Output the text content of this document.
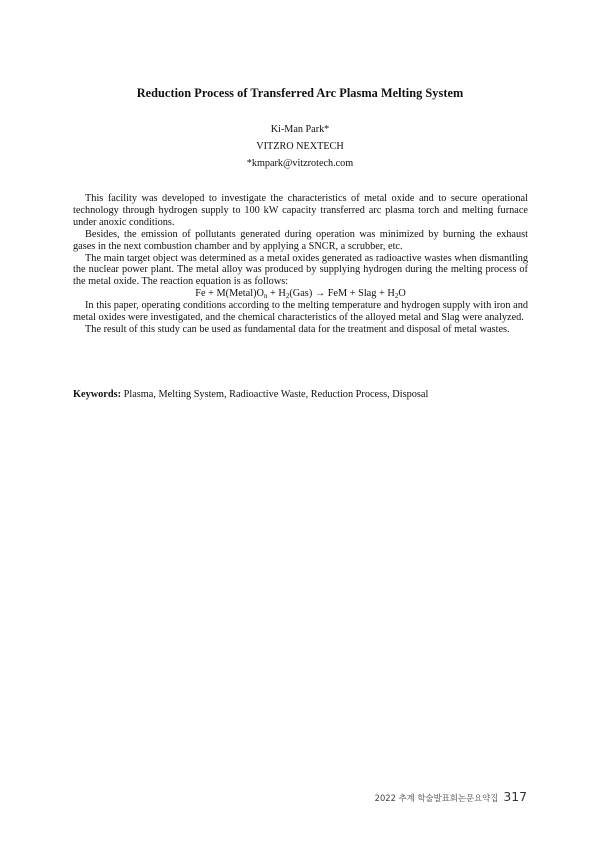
Reduction Process of Transferred Arc Plasma Melting System
Ki-Man Park*
VITZRO NEXTECH
*kmpark@vitzrotech.com

This facility was developed to investigate the characteristics of metal oxide and to secure operational technology through hydrogen supply to 100 kW capacity transferred arc plasma torch and melting furnace under anoxic conditions.

Besides, the emission of pollutants generated during operation was minimized by burning the exhaust gases in the next combustion chamber and by applying a SNCR, a scrubber, etc.

The main target object was determined as a metal oxides generated as radioactive wastes when dismantling the nuclear power plant. The metal alloy was produced by supplying hydrogen during the melting process of the metal oxide. The reaction equation is as follows:

$Fe + M(Metal)O_n + H_2(Gas)$ → FeM + Slag + $H_2O$

In this paper, operating conditions according to the melting temperature and hydrogen supply with iron and metal oxides were investigated, and the chemical characteristics of the alloyed metal and Slag were analyzed.

The result of this study can be used as fundamental data for the treatment and disposal of metal wastes.

Keywords: Plasma, Melting System, Radioactive Waste, Reduction Process, Disposal
2022 추계 학술발표회논문요약집 317
